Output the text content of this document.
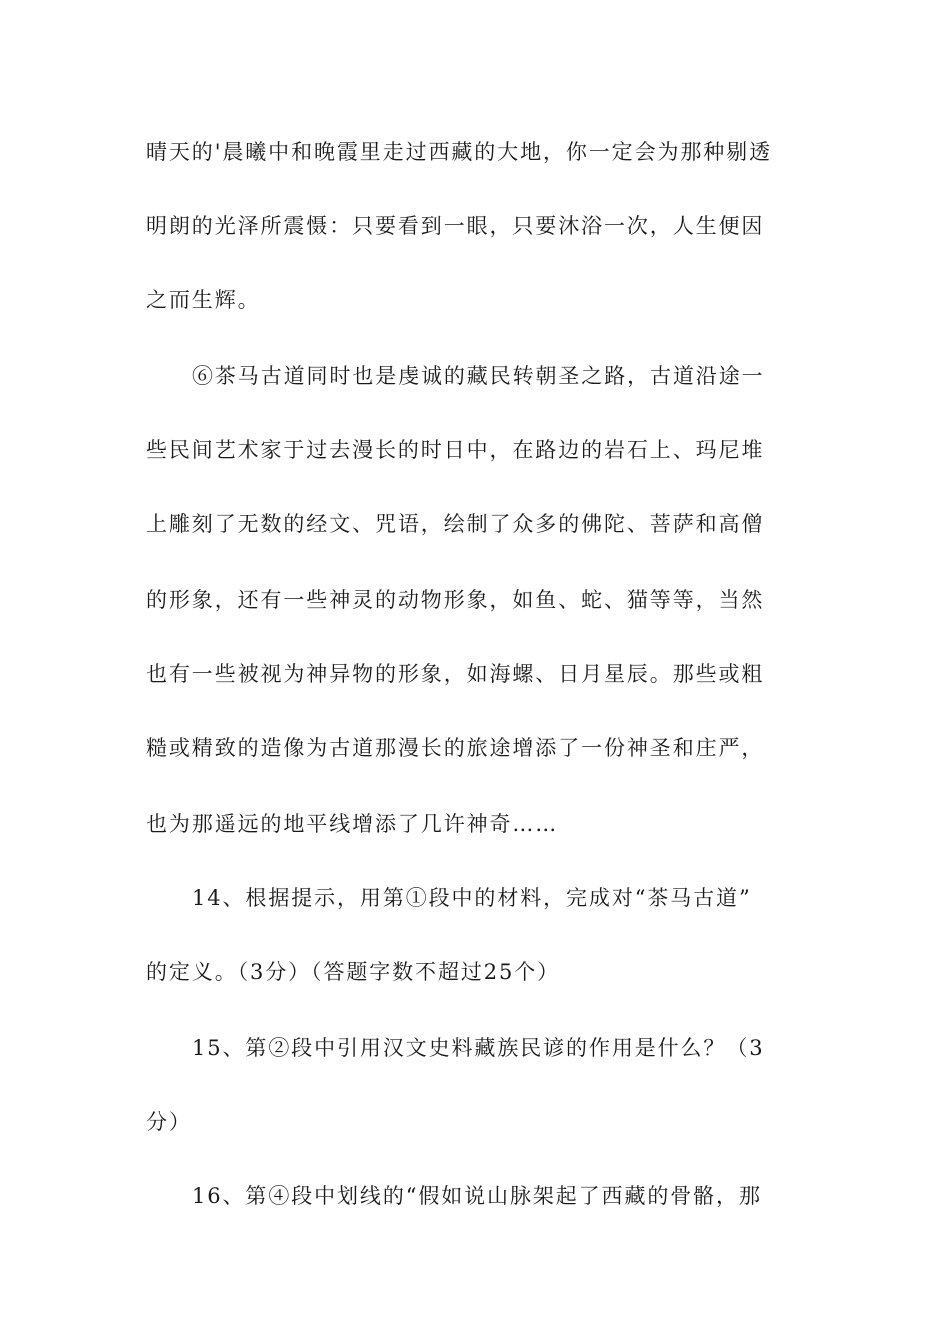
晴天的'晨曦中和晚霞里走过西藏的大地，你一定会为那种剔透
明朗的光泽所震慑：只要看到一眼，只要沐浴一次，人生便因
之而生辉。
⑥茶马古道同时也是虔诚的藏民转朝圣之路，古道沿途一
些民间艺术家于过去漫长的时日中，在路边的岩石上、玛尼堆
上雕刻了无数的经文、咒语，绘制了众多的佛陀、菩萨和高僧
的形象，还有一些神灵的动物形象，如鱼、蛇、猫等等，当然
也有一些被视为神异物的形象，如海螺、日月星辰。那些或粗
糙或精致的造像为古道那漫长的旅途增添了一份神圣和庄严，
也为那遥远的地平线增添了几许神奇……
14、根据提示，用第①段中的材料，完成对“茶马古道”
的定义。（3分）（答题字数不超过25个）
15、第②段中引用汉文史料藏族民谚的作用是什么？（3
分）
16、第④段中划线的“假如说山脉架起了西藏的骨骼，那
